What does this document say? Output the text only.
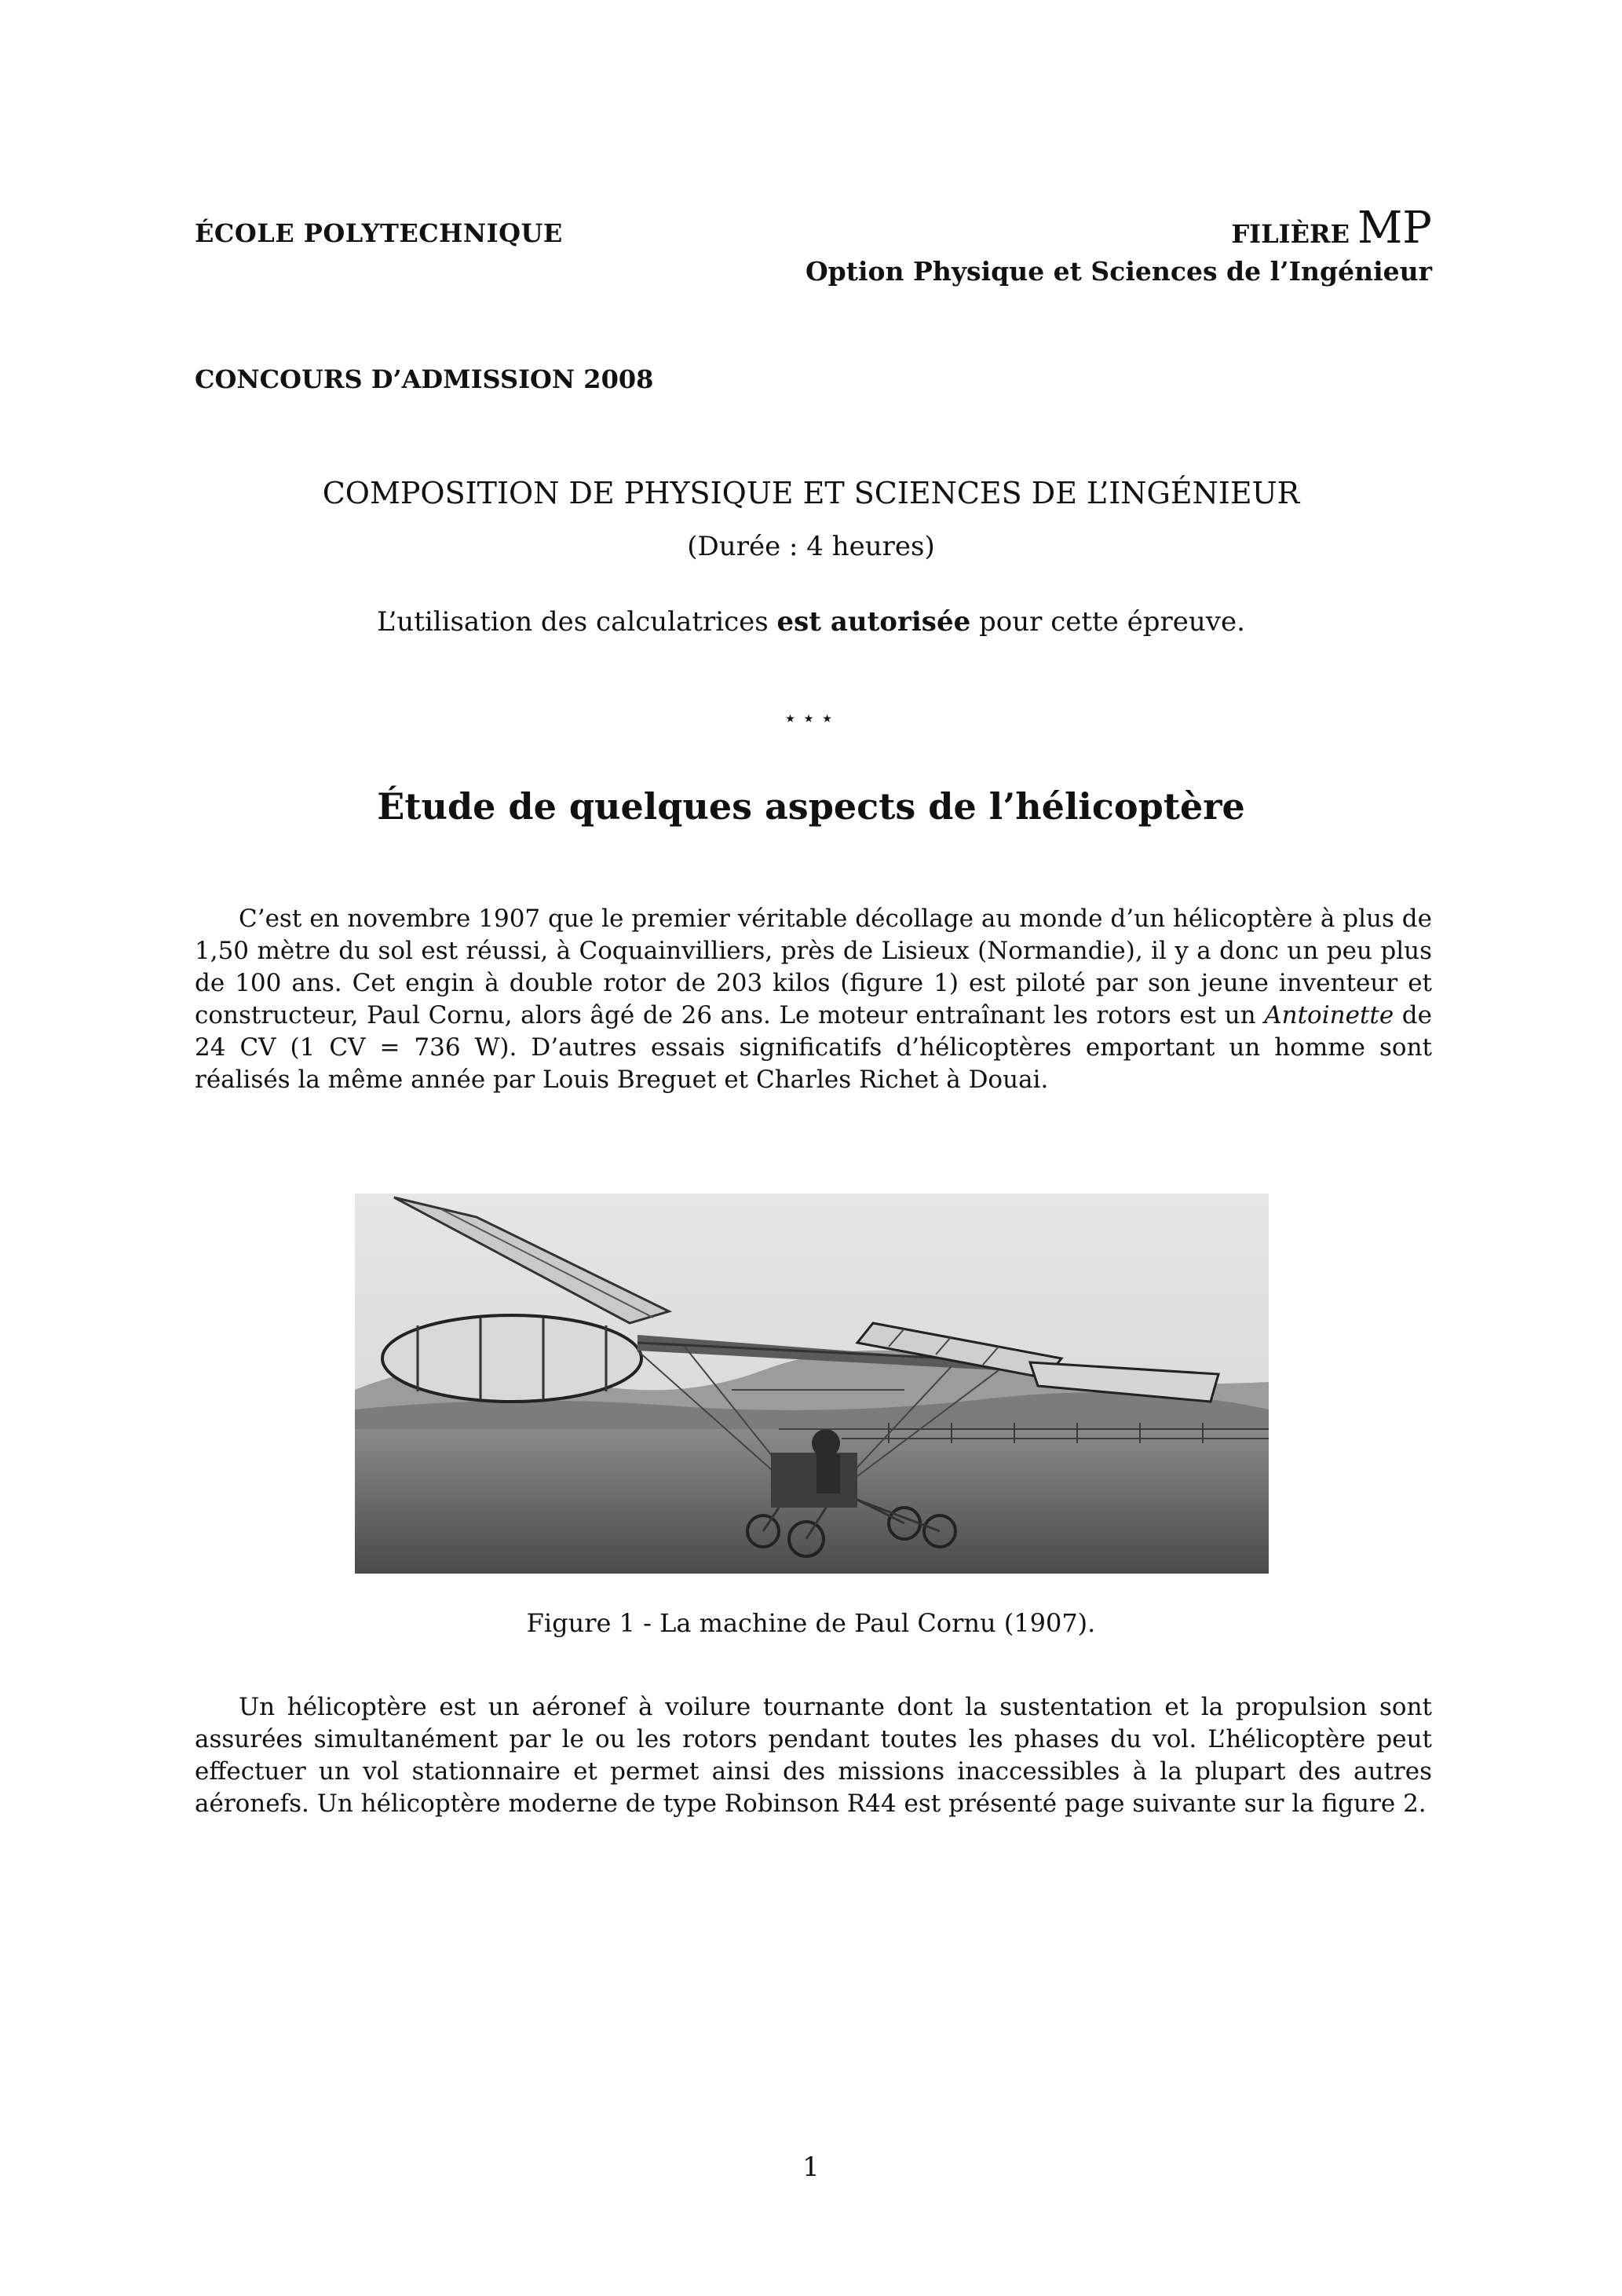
ÉCOLE POLYTECHNIQUE	FILIÈRE MP
Option Physique et Sciences de l’Ingénieur
CONCOURS D’ADMISSION 2008
COMPOSITION DE PHYSIQUE ET SCIENCES DE L’INGÉNIEUR
(Durée : 4 heures)
L’utilisation des calculatrices est autorisée pour cette épreuve.
⋆⋆⋆
Étude de quelques aspects de l’hélicoptère

C’est en novembre 1907 que le premier véritable décollage au monde d’un hélicoptère à plus de 1,50 mètre du sol est réussi, à Coquainvilliers, près de Lisieux (Normandie), il y a donc un peu plus de 100 ans. Cet engin à double rotor de 203 kilos (figure 1) est piloté par son jeune inventeur et constructeur, Paul Cornu, alors âgé de 26 ans. Le moteur entraînant les rotors est un Antoinette de 24 CV (1 CV = 736 W). D’autres essais significatifs d’hélicoptères emportant un homme sont réalisés la même année par Louis Breguet et Charles Richet à Douai.

Figure 1 - La machine de Paul Cornu (1907).

Un hélicoptère est un aéronef à voilure tournante dont la sustentation et la propulsion sont assurées simultanément par le ou les rotors pendant toutes les phases du vol. L’hélicoptère peut effectuer un vol stationnaire et permet ainsi des missions inaccessibles à la plupart des autres aéronefs. Un hélicoptère moderne de type Robinson R44 est présenté page suivante sur la figure 2.

1
